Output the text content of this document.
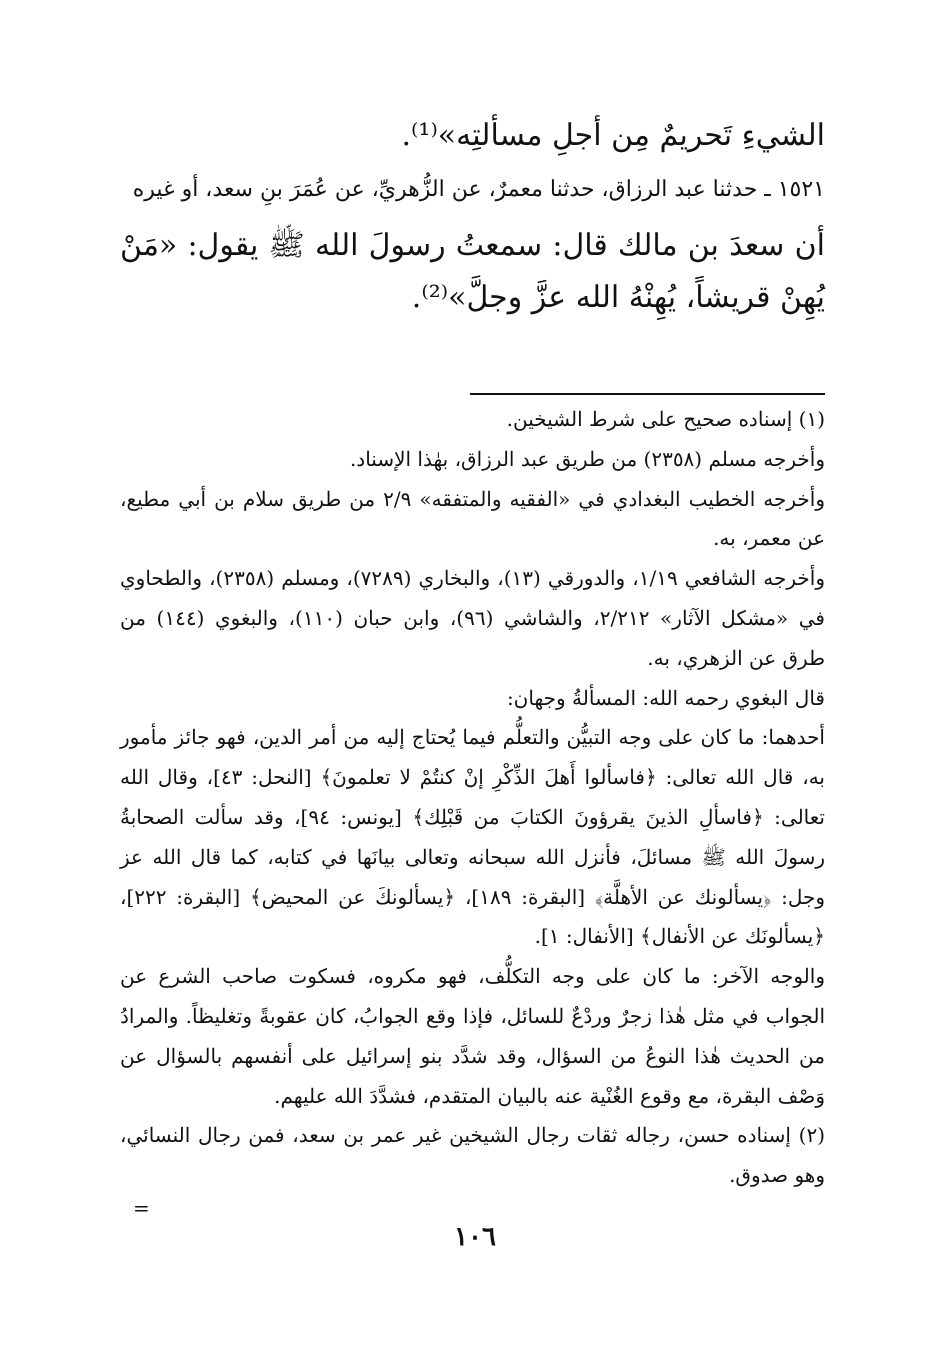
الشيءِ تَحريمٌ مِن أجلِ مسألتِه»⁽¹⁾.

١٥٢١ ـ حدثنا عبد الرزاق، حدثنا معمرٌ، عن الزُّهريِّ، عن عُمَرَ بنِ سعد، أو غيره

أن سعدَ بن مالك قال: سمعتُ رسولَ الله ﷺ يقول: «مَنْ يُهِنْ قريشاً، يُهِنْهُ الله عزَّ وجلَّ»⁽²⁾.

(١) إسناده صحيح على شرط الشيخين.

وأخرجه مسلم (٢٣٥٨) من طريق عبد الرزاق، بهٰذا الإسناد.

وأخرجه الخطيب البغدادي في «الفقيه والمتفقه» ٢/٩ من طريق سلام بن أبي مطيع، عن معمر، به.

وأخرجه الشافعي ١/١٩، والدورقي (١٣)، والبخاري (٧٢٨٩)، ومسلم (٢٣٥٨)، والطحاوي في «مشكل الآثار» ٢/٢١٢، والشاشي (٩٦)، وابن حبان (١١٠)، والبغوي (١٤٤) من طرق عن الزهري، به.

قال البغوي رحمه الله: المسألةُ وجهان:

أحدهما: ما كان على وجه التبيُّن والتعلُّم فيما يُحتاج إليه من أمر الدين، فهو جائز مأمور به، قال الله تعالى: ﴿فاسألوا أَهلَ الذِّكْرِ إنْ كنتُمْ لا تعلمونَ﴾ [النحل: ٤٣]، وقال الله تعالى: ﴿فاسألِ الذينَ يقرؤونَ الكتابَ من قَبْلِك﴾ [يونس: ٩٤]، وقد سألت الصحابةُ رسولَ الله ﷺ مسائلَ، فأنزل الله سبحانه وتعالى بيانَها في كتابه، كما قال الله عز وجل: ﴿يسألونك عن الأهلَّة﴾ [البقرة: ١٨٩]، ﴿يسألونكَ عن المحيض﴾ [البقرة: ٢٢٢]، ﴿يسألونَك عن الأنفال﴾ [الأنفال: ١].

والوجه الآخر: ما كان على وجه التكلُّف، فهو مكروه، فسكوت صاحب الشرع عن الجواب في مثل هٰذا زجرٌ وردْعٌ للسائل، فإذا وقع الجوابُ، كان عقوبةً وتغليظاً. والمرادُ من الحديث هٰذا النوعُ من السؤال، وقد شدَّد بنو إسرائيل على أنفسهم بالسؤال عن وَصْف البقرة، مع وقوع الغُنْية عنه بالبيان المتقدم، فشدَّدَ الله عليهم.

(٢) إسناده حسن، رجاله ثقات رجال الشيخين غير عمر بن سعد، فمن رجال النسائي، وهو صدوق.

=
١٠٦
